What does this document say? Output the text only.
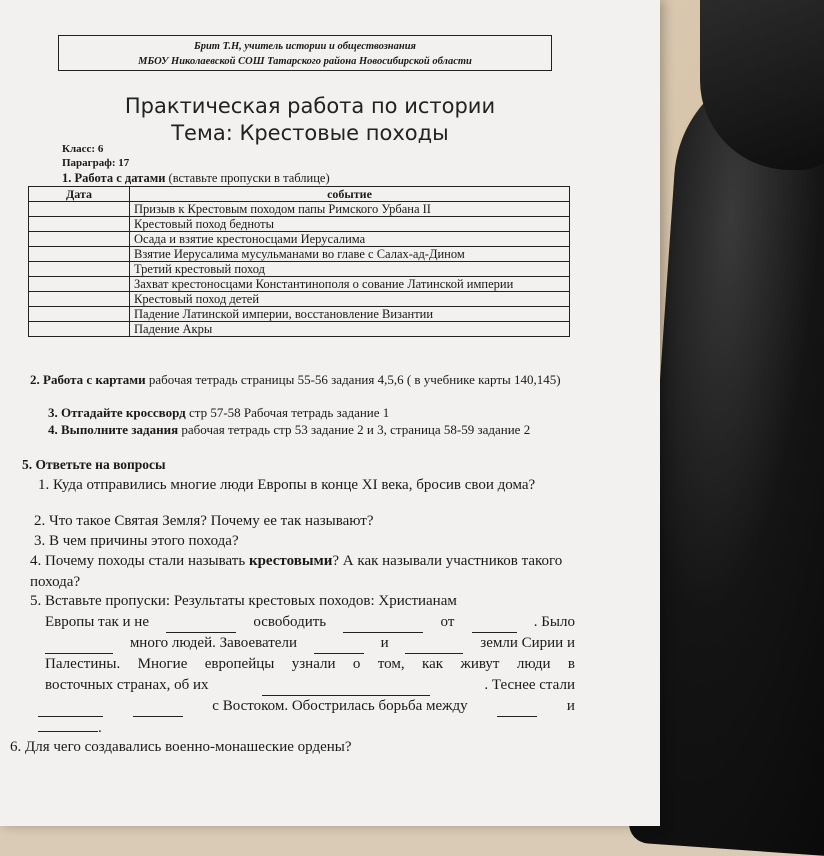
Брит Т.Н, учитель истории и обществознания
МБОУ Николаевской СОШ Татарского района Новосибирской области
Практическая работа по истории
Тема: Крестовые походы
Класс: 6
Параграф: 17
1. Работа с датами (вставьте пропуски в таблице)
Дата	событие
	Призыв к Крестовым походом папы Римского Урбана II
	Крестовый поход бедноты
	Осада и взятие крестоносцами Иерусалима
	Взятие Иерусалима мусульманами во главе с Салах-ад-Дином
	Третий крестовый поход
	Захват крестоносцами Константинополя о сование Латинской империи
	Крестовый поход детей
	Падение Латинской империи, восстановление Византии
	Падение Акры
2. Работа с картами рабочая тетрадь страницы 55-56 задания 4,5,6 ( в учебнике карты 140,145)
3. Отгадайте кроссворд стр 57-58 Рабочая тетрадь задание 1
4. Выполните задания рабочая тетрадь стр 53 задание 2 и 3, страница 58-59 задание 2
5. Ответьте на вопросы
1. Куда отправились многие люди Европы в конце XI века, бросив свои дома?
2. Что такое Святая Земля? Почему ее так называют?
3. В чем причины этого похода?
4. Почему походы стали называть крестовыми? А как называли участников такого похода?
5. Вставьте пропуски: Результаты крестовых походов: Христианам
Европы так и не	освободить	от	. Было
много людей. Завоеватели	и	земли Сирии и
Палестины. Многие европейцы узнали о том, как живут люди в
восточных странах, об их	. Теснее стали
с Востоком. Обострилась борьба между	и
.
6. Для чего создавались военно-монашеские ордены?
